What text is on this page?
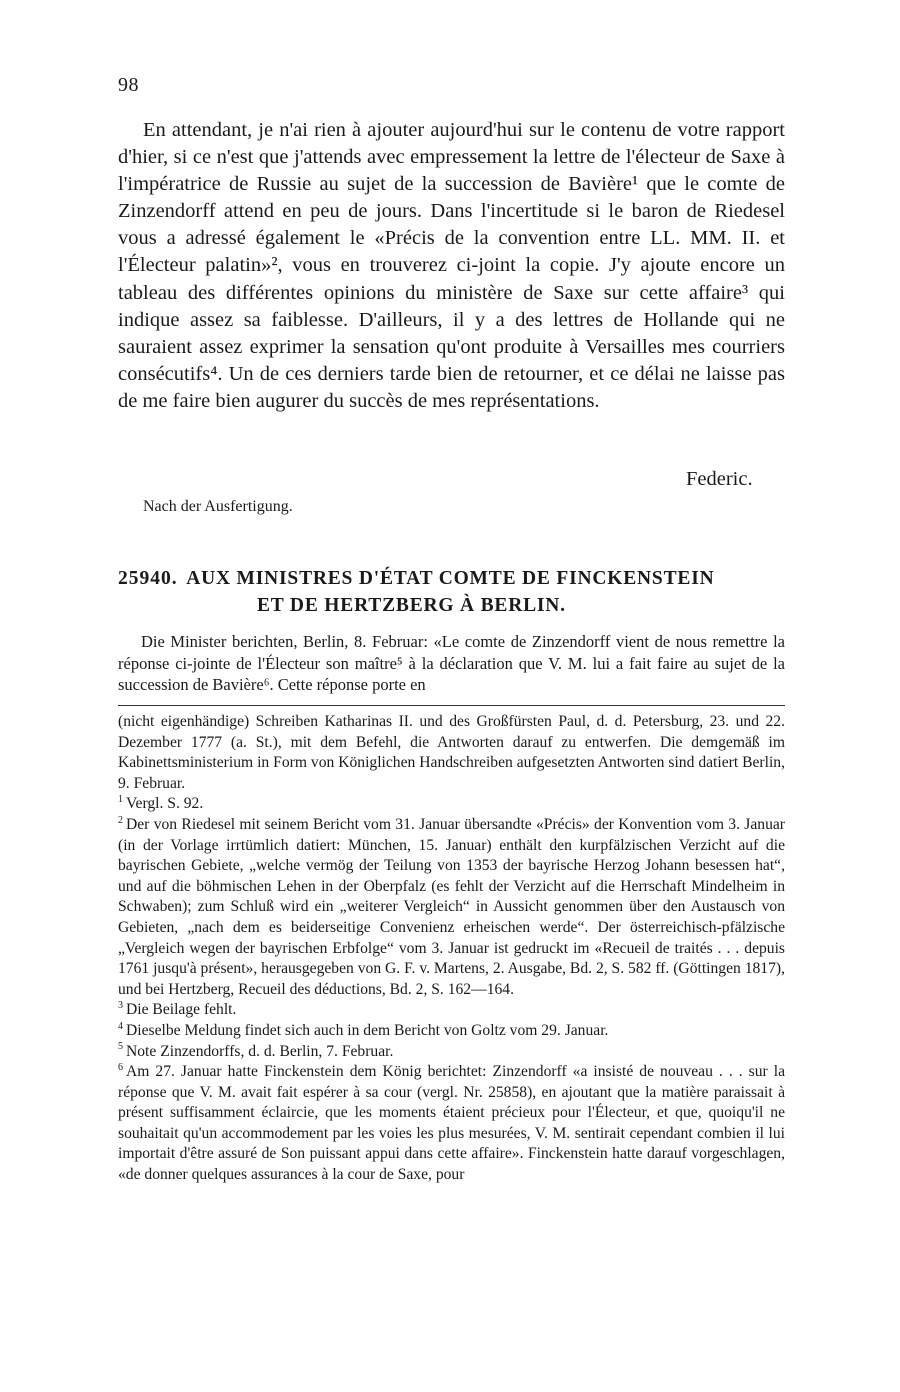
98

En attendant, je n'ai rien à ajouter aujourd'hui sur le contenu de votre rapport d'hier, si ce n'est que j'attends avec empressement la lettre de l'électeur de Saxe à l'impératrice de Russie au sujet de la succession de Bavière¹ que le comte de Zinzendorff attend en peu de jours. Dans l'incertitude si le baron de Riedesel vous a adressé également le «Précis de la convention entre LL. MM. II. et l'Électeur palatin»², vous en trouverez ci-joint la copie. J'y ajoute encore un tableau des différentes opinions du ministère de Saxe sur cette affaire³ qui indique assez sa faiblesse. D'ailleurs, il y a des lettres de Hollande qui ne sauraient assez exprimer la sensation qu'ont produite à Versailles mes courriers consécutifs⁴. Un de ces derniers tarde bien de retourner, et ce délai ne laisse pas de me faire bien augurer du succès de mes représentations.

Federic.
Nach der Ausfertigung.
25940. AUX MINISTRES D'ÉTAT COMTE DE FINCKENSTEIN
ET DE HERTZBERG À BERLIN.

Die Minister berichten, Berlin, 8. Februar: «Le comte de Zinzendorff vient de nous remettre la réponse ci-jointe de l'Électeur son maître⁵ à la déclaration que V. M. lui a fait faire au sujet de la succession de Bavière⁶. Cette réponse porte en

(nicht eigenhändige) Schreiben Katharinas II. und des Großfürsten Paul, d. d. Petersburg, 23. und 22. Dezember 1777 (a. St.), mit dem Befehl, die Antworten darauf zu entwerfen. Die demgemäß im Kabinettsministerium in Form von Königlichen Handschreiben aufgesetzten Antworten sind datiert Berlin, 9. Februar.

$^1$ Vergl. S. 92.

$^2$ Der von Riedesel mit seinem Bericht vom 31. Januar übersandte «Précis» der Konvention vom 3. Januar (in der Vorlage irrtümlich datiert: München, 15. Januar) enthält den kurpfälzischen Verzicht auf die bayrischen Gebiete, „welche vermög der Teilung von 1353 der bayrische Herzog Johann besessen hat“, und auf die böhmischen Lehen in der Oberpfalz (es fehlt der Verzicht auf die Herrschaft Mindelheim in Schwaben); zum Schluß wird ein „weiterer Vergleich“ in Aussicht genommen über den Austausch von Gebieten, „nach dem es beiderseitige Convenienz erheischen werde“. Der österreichisch-pfälzische „Vergleich wegen der bayrischen Erbfolge“ vom 3. Januar ist gedruckt im «Recueil de traités . . . depuis 1761 jusqu'à présent», herausgegeben von G. F. v. Martens, 2. Ausgabe, Bd. 2, S. 582 ff. (Göttingen 1817), und bei Hertzberg, Recueil des déductions, Bd. 2, S. 162—164.

$^3$ Die Beilage fehlt.

$^4$ Dieselbe Meldung findet sich auch in dem Bericht von Goltz vom 29. Januar.

$^5$ Note Zinzendorffs, d. d. Berlin, 7. Februar.

$^6$ Am 27. Januar hatte Finckenstein dem König berichtet: Zinzendorff «a insisté de nouveau . . . sur la réponse que V. M. avait fait espérer à sa cour (vergl. Nr. 25858), en ajoutant que la matière paraissait à présent suffisamment éclaircie, que les moments étaient précieux pour l'Électeur, et que, quoiqu'il ne souhaitait qu'un accommodement par les voies les plus mesurées, V. M. sentirait cependant combien il lui importait d'être assuré de Son puissant appui dans cette affaire». Finckenstein hatte darauf vorgeschlagen, «de donner quelques assurances à la cour de Saxe, pour
